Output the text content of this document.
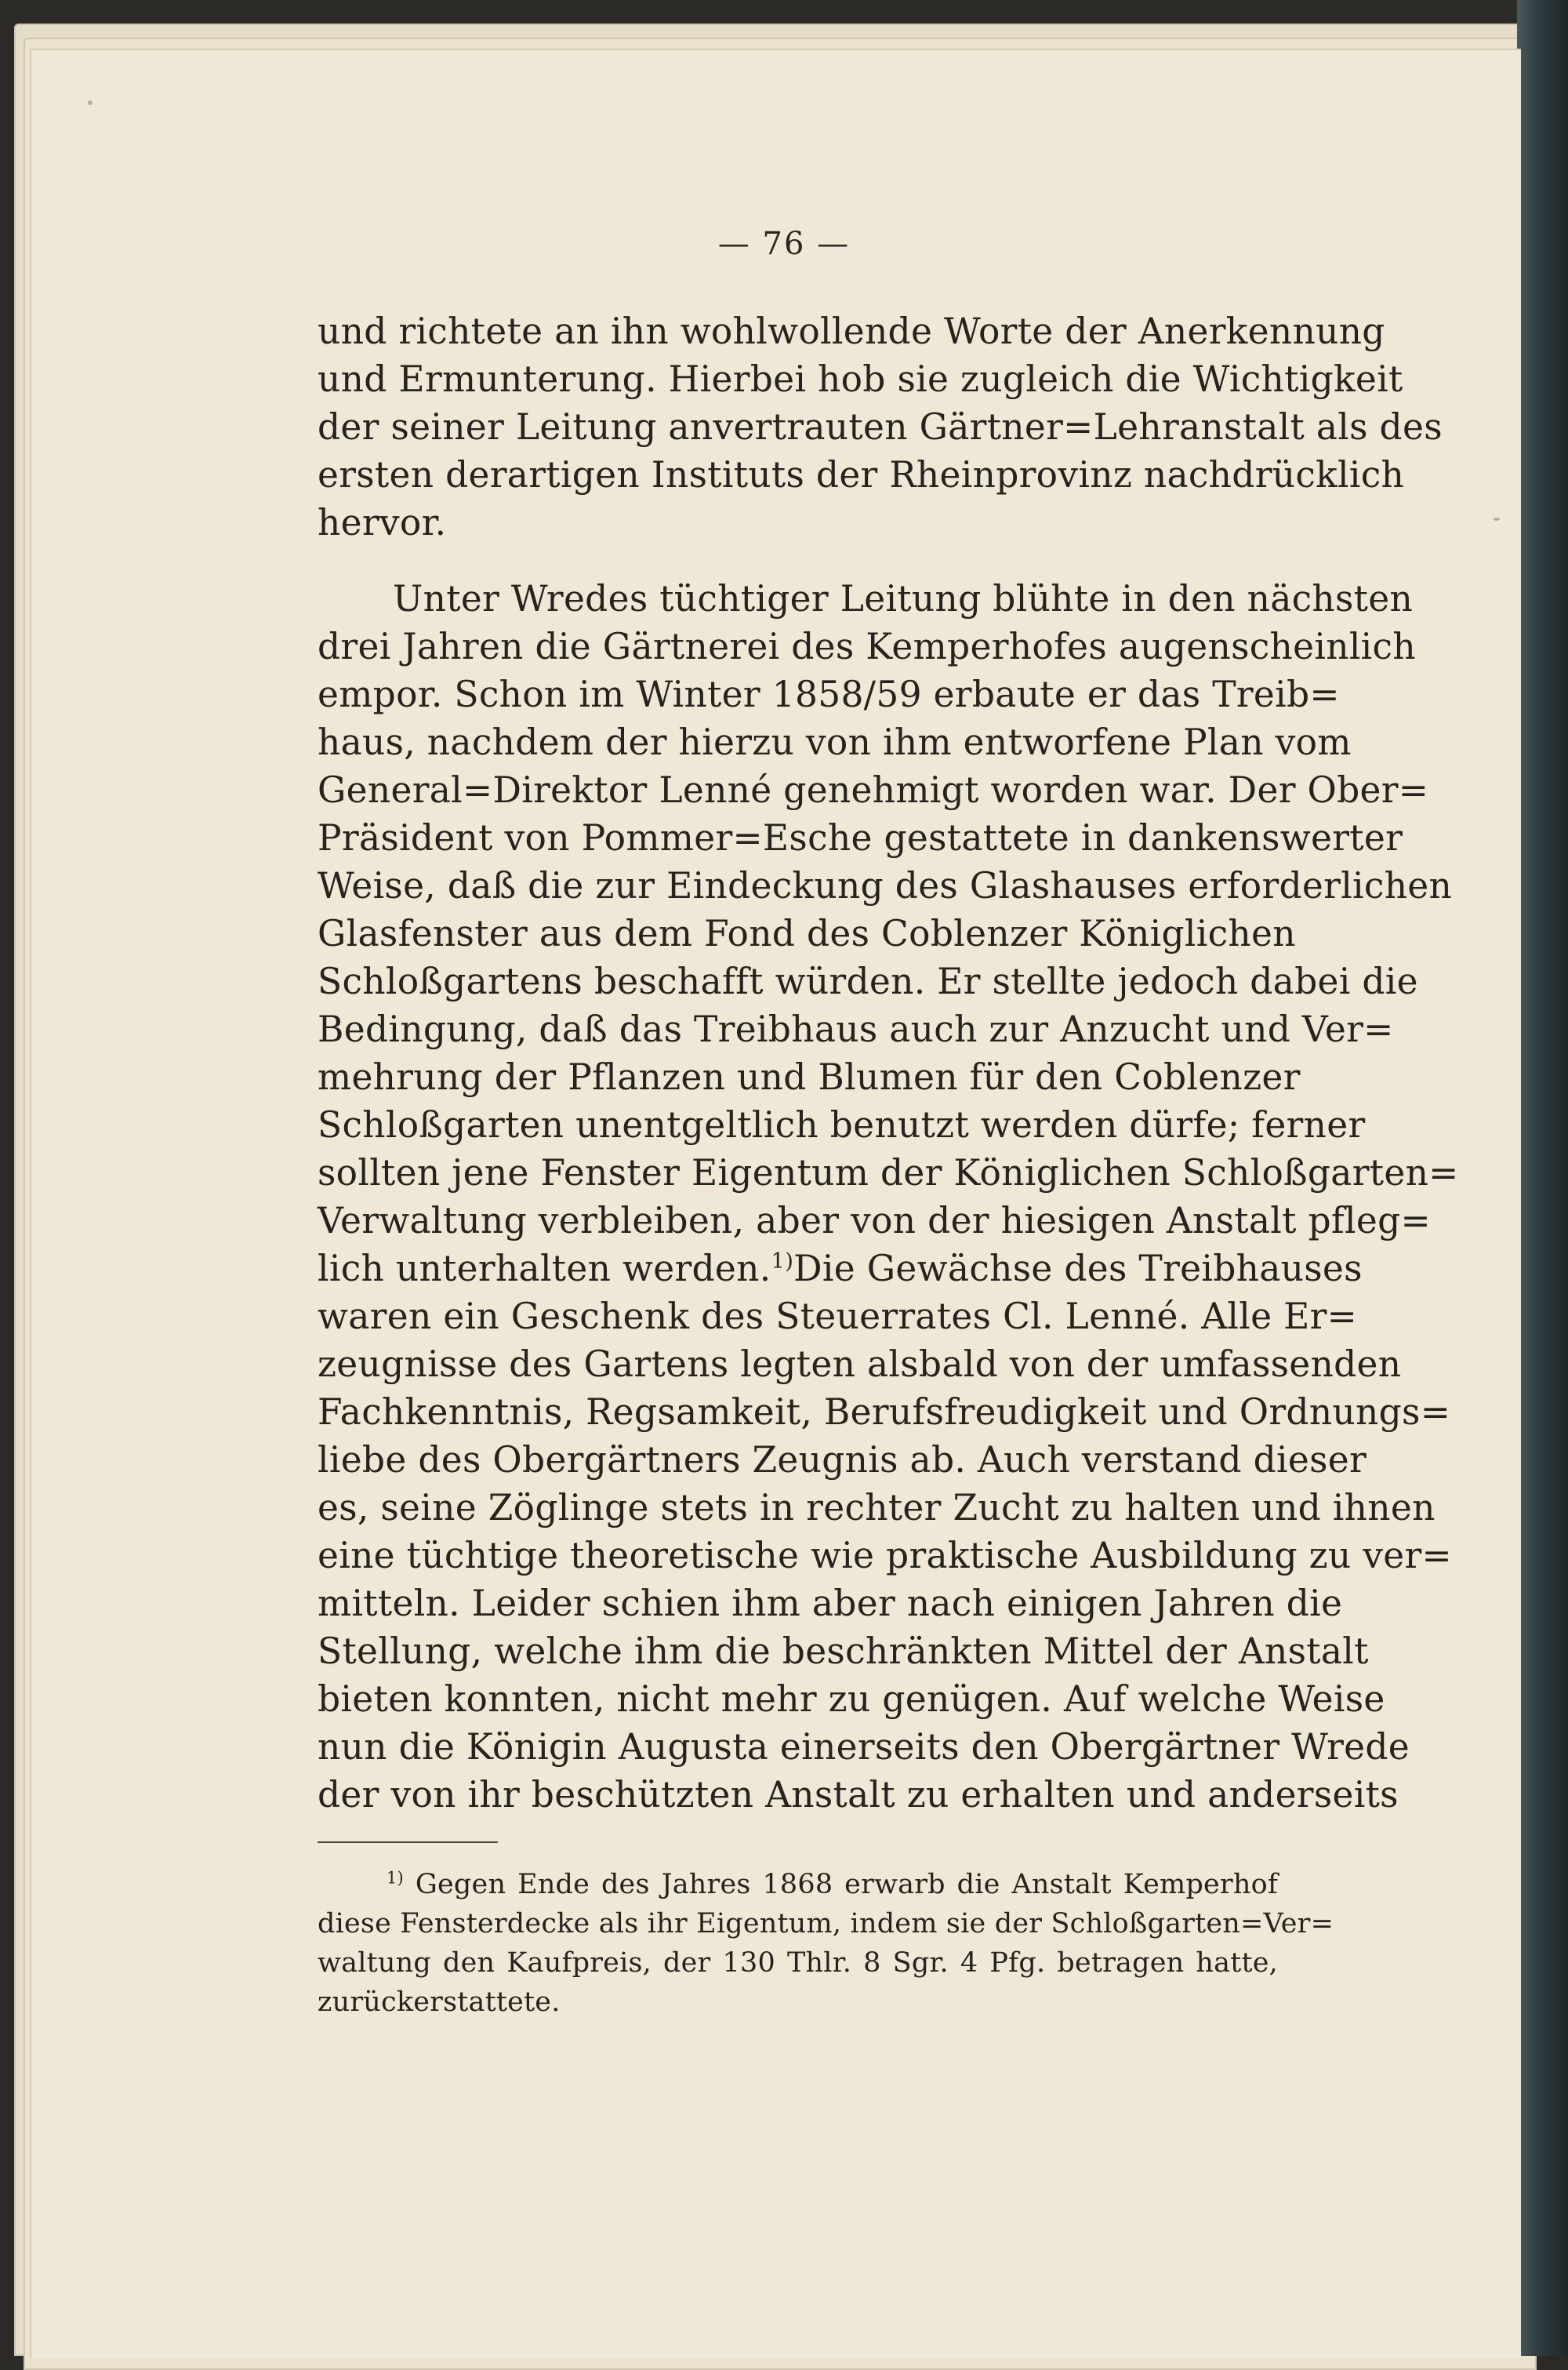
— 76 —
und richtete an ihn wohlwollende Worte der Anerkennung
und Ermunterung. Hierbei hob sie zugleich die Wichtigkeit
der seiner Leitung anvertrauten Gärtner=Lehranstalt als des
ersten derartigen Instituts der Rheinprovinz nachdrücklich
hervor.
Unter Wredes tüchtiger Leitung blühte in den nächsten
drei Jahren die Gärtnerei des Kemperhofes augenscheinlich
empor. Schon im Winter 1858/59 erbaute er das Treib=
haus, nachdem der hierzu von ihm entworfene Plan vom
General=Direktor Lenné genehmigt worden war. Der Ober=
Präsident von Pommer=Esche gestattete in dankenswerter
Weise, daß die zur Eindeckung des Glashauses erforderlichen
Glasfenster aus dem Fond des Coblenzer Königlichen
Schloßgartens beschafft würden. Er stellte jedoch dabei die
Bedingung, daß das Treibhaus auch zur Anzucht und Ver=
mehrung der Pflanzen und Blumen für den Coblenzer
Schloßgarten unentgeltlich benutzt werden dürfe; ferner
sollten jene Fenster Eigentum der Königlichen Schloßgarten=
Verwaltung verbleiben, aber von der hiesigen Anstalt pfleg=
lich unterhalten werden.$^{1)}$Die Gewächse des Treibhauses
waren ein Geschenk des Steuerrates Cl. Lenné. Alle Er=
zeugnisse des Gartens legten alsbald von der umfassenden
Fachkenntnis, Regsamkeit, Berufsfreudigkeit und Ordnungs=
liebe des Obergärtners Zeugnis ab. Auch verstand dieser
es, seine Zöglinge stets in rechter Zucht zu halten und ihnen
eine tüchtige theoretische wie praktische Ausbildung zu ver=
mitteln. Leider schien ihm aber nach einigen Jahren die
Stellung, welche ihm die beschränkten Mittel der Anstalt
bieten konnten, nicht mehr zu genügen. Auf welche Weise
nun die Königin Augusta einerseits den Obergärtner Wrede
der von ihr beschützten Anstalt zu erhalten und anderseits
$^{1)}$ Gegen Ende des Jahres 1868 erwarb die Anstalt Kemperhof
diese Fensterdecke als ihr Eigentum, indem sie der Schloßgarten=Ver=
waltung den Kaufpreis, der 130 Thlr. 8 Sgr. 4 Pfg. betragen hatte,
zurückerstattete.
